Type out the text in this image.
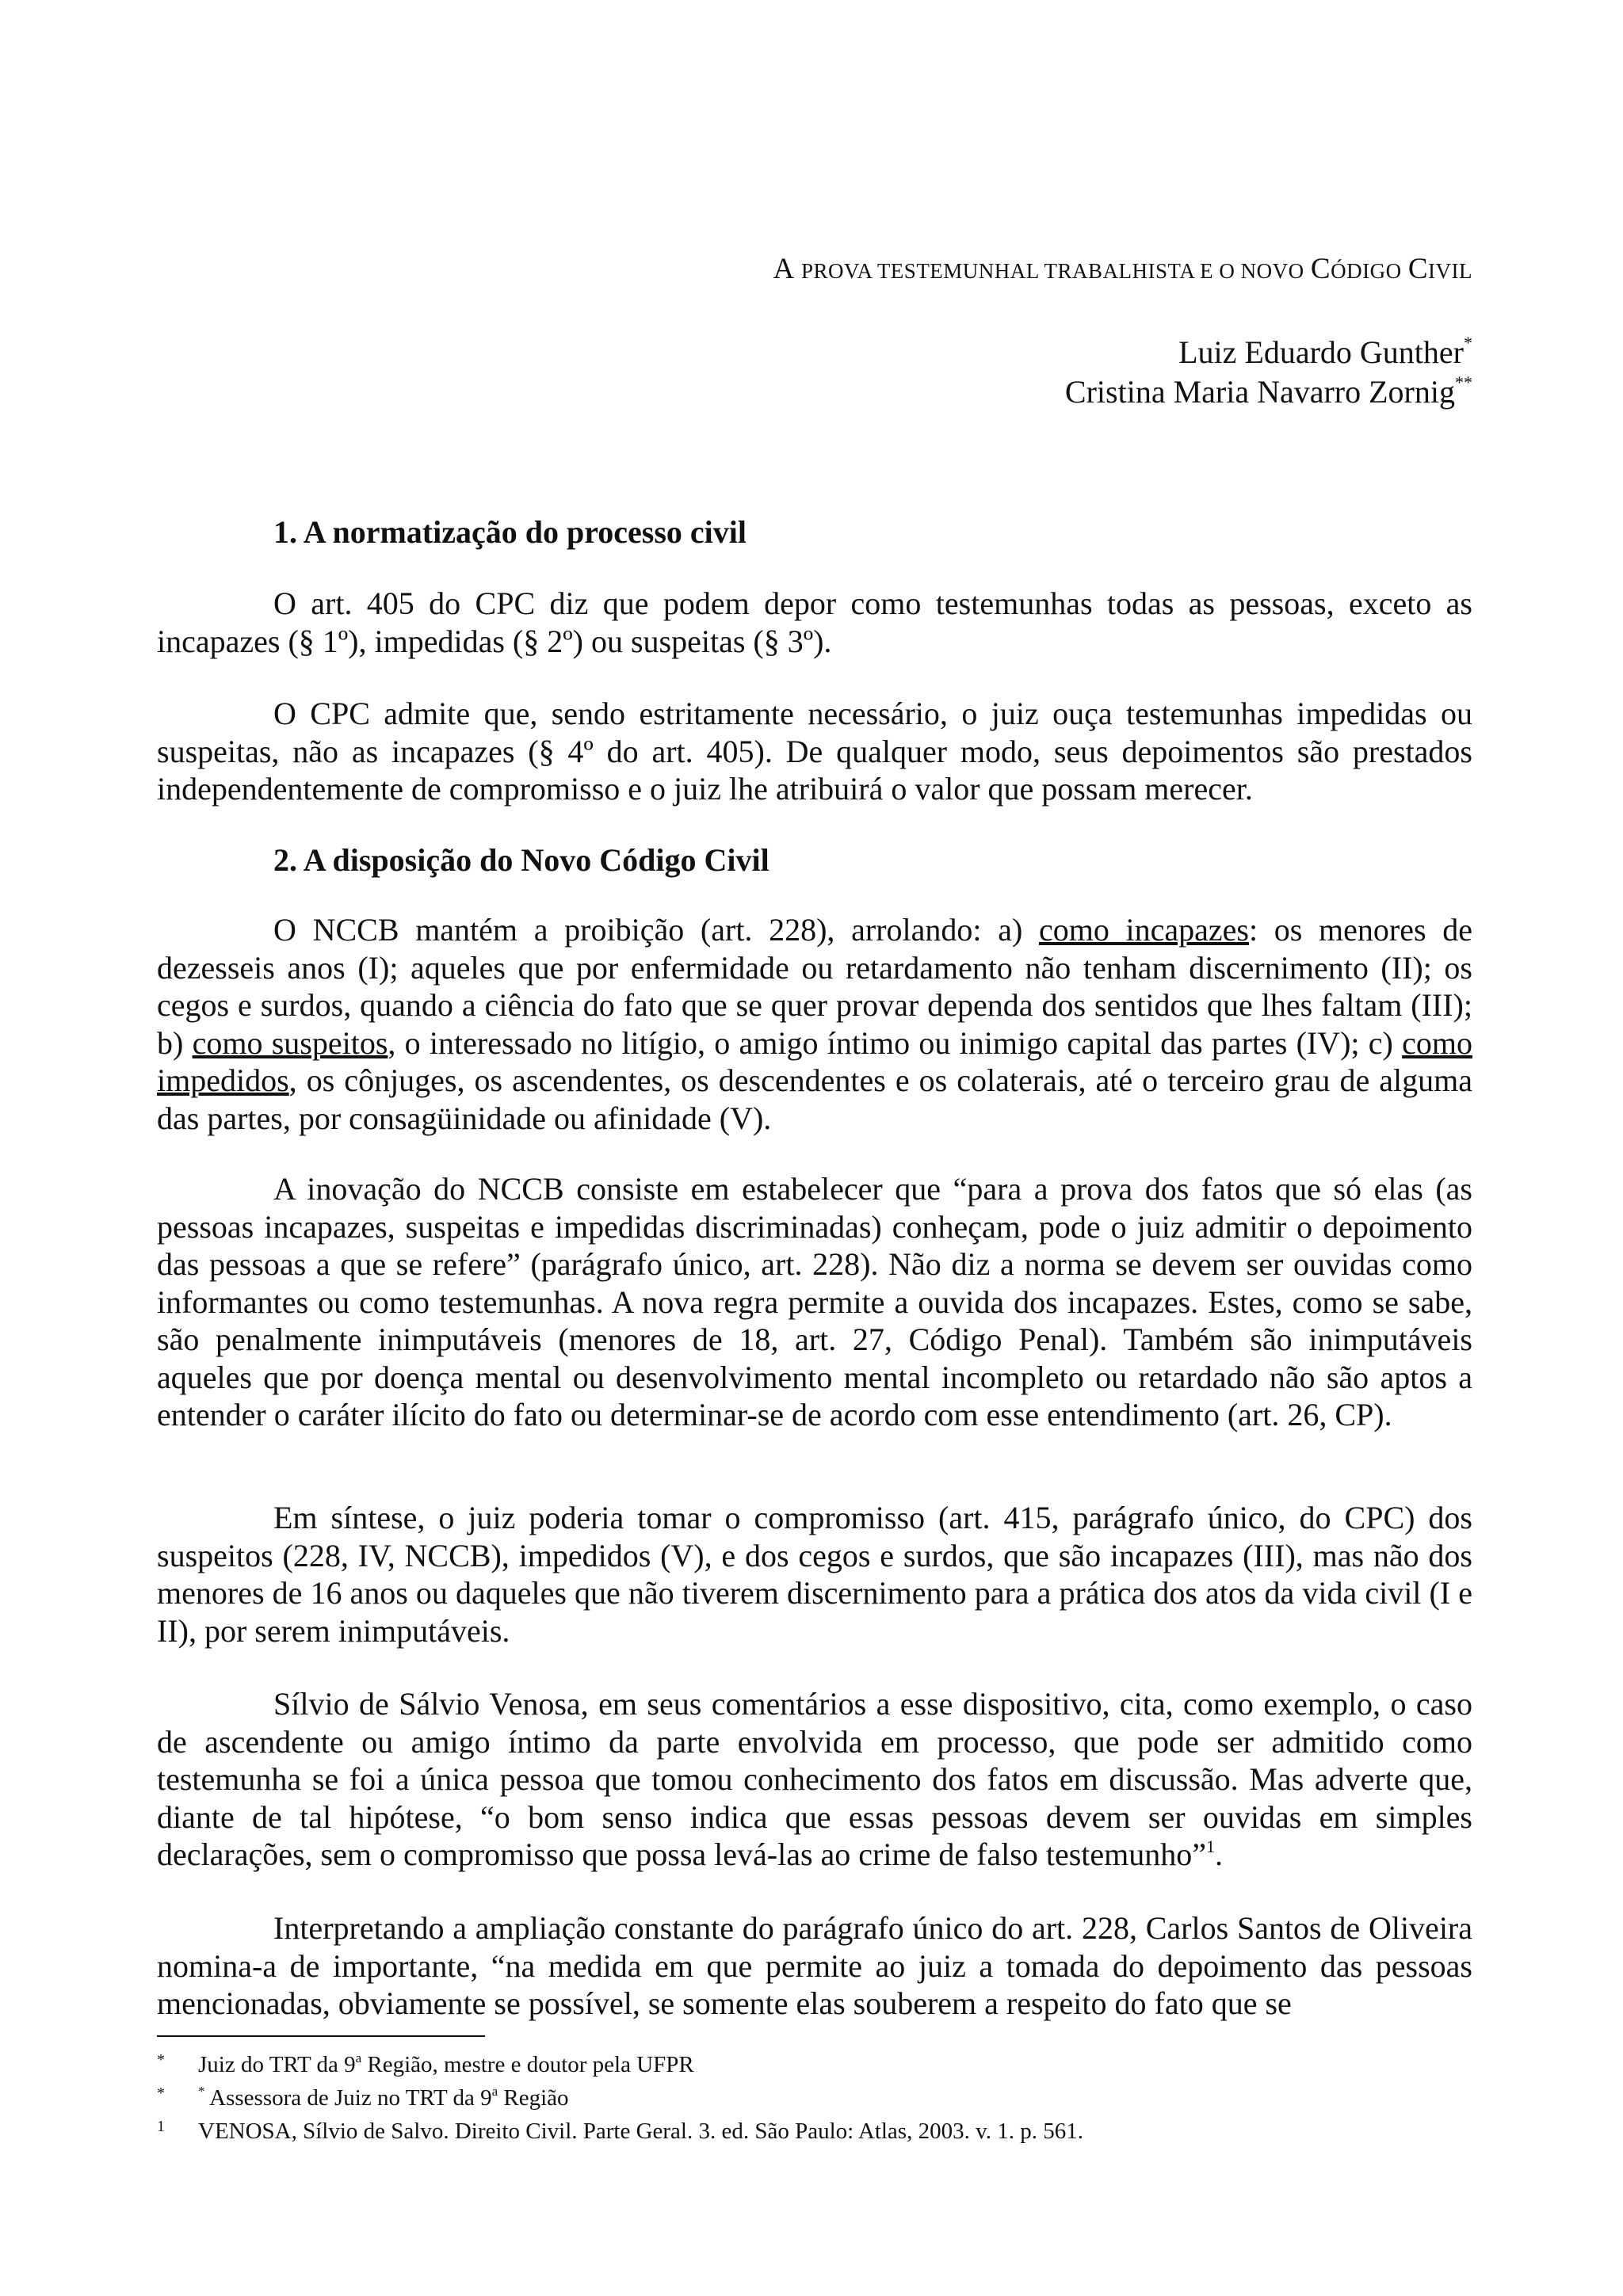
A PROVA TESTEMUNHAL TRABALHISTA E O NOVO CÓDIGO CIVIL
Luiz Eduardo Gunther*
Cristina Maria Navarro Zornig**
1. A normatização do processo civil

O art. 405 do CPC diz que podem depor como testemunhas todas as pessoas, exceto as incapazes (§ 1º), impedidas (§ 2º) ou suspeitas (§ 3º).

O CPC admite que, sendo estritamente necessário, o juiz ouça testemunhas impedidas ou suspeitas, não as incapazes (§ 4º do art. 405). De qualquer modo, seus depoimentos são prestados independentemente de compromisso e o juiz lhe atribuirá o valor que possam merecer.

2. A disposição do Novo Código Civil

O NCCB mantém a proibição (art. 228), arrolando: a) como incapazes: os menores de dezesseis anos (I); aqueles que por enfermidade ou retardamento não tenham discernimento (II); os cegos e surdos, quando a ciência do fato que se quer provar dependa dos sentidos que lhes faltam (III); b) como suspeitos, o interessado no litígio, o amigo íntimo ou inimigo capital das partes (IV); c) como impedidos, os cônjuges, os ascendentes, os descendentes e os colaterais, até o terceiro grau de alguma das partes, por consagüinidade ou afinidade (V).

A inovação do NCCB consiste em estabelecer que “para a prova dos fatos que só elas (as pessoas incapazes, suspeitas e impedidas discriminadas) conheçam, pode o juiz admitir o depoimento das pessoas a que se refere” (parágrafo único, art. 228). Não diz a norma se devem ser ouvidas como informantes ou como testemunhas. A nova regra permite a ouvida dos incapazes. Estes, como se sabe, são penalmente inimputáveis (menores de 18, art. 27, Código Penal). Também são inimputáveis aqueles que por doença mental ou desenvolvimento mental incompleto ou retardado não são aptos a entender o caráter ilícito do fato ou determinar-se de acordo com esse entendimento (art. 26, CP).

Em síntese, o juiz poderia tomar o compromisso (art. 415, parágrafo único, do CPC) dos suspeitos (228, IV, NCCB), impedidos (V), e dos cegos e surdos, que são incapazes (III), mas não dos menores de 16 anos ou daqueles que não tiverem discernimento para a prática dos atos da vida civil (I e II), por serem inimputáveis.

Sílvio de Sálvio Venosa, em seus comentários a esse dispositivo, cita, como exemplo, o caso de ascendente ou amigo íntimo da parte envolvida em processo, que pode ser admitido como testemunha se foi a única pessoa que tomou conhecimento dos fatos em discussão. Mas adverte que, diante de tal hipótese, “o bom senso indica que essas pessoas devem ser ouvidas em simples declarações, sem o compromisso que possa levá-las ao crime de falso testemunho”$^1$.

Interpretando a ampliação constante do parágrafo único do art. 228, Carlos Santos de Oliveira nomina-a de importante, “na medida em que permite ao juiz a tomada do depoimento das pessoas mencionadas, obviamente se possível, se somente elas souberem a respeito do fato que se

* Juiz do TRT da 9$^a$ Região, mestre e doutor pela UFPR
* * Assessora de Juiz no TRT da 9$^a$ Região
1 VENOSA, Sílvio de Salvo. Direito Civil. Parte Geral. 3. ed. São Paulo: Atlas, 2003. v. 1. p. 561.
